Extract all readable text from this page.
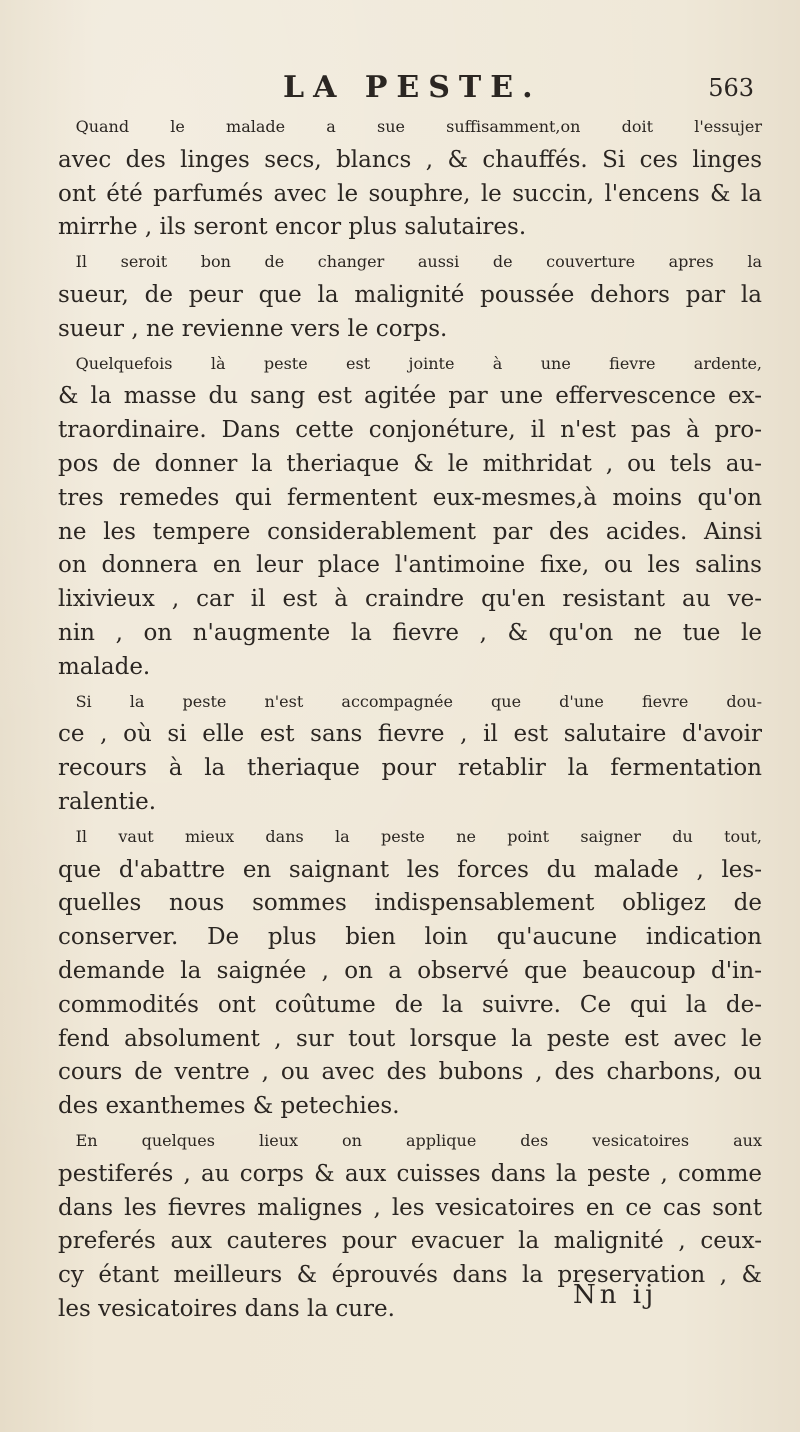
LA PESTE.	563

Quand le malade a sue suffisamment,on doit l'essujer
avec des linges secs, blancs , & chauffés. Si ces linges
ont été parfumés avec le souphre, le succin, l'encens & la
mirrhe , ils seront encor plus salutaires.

Il seroit bon de changer aussi de couverture apres la
sueur, de peur que la malignité poussée dehors par la
sueur , ne revienne vers le corps.

Quelquefois là peste est jointe à une fievre ardente,
& la masse du sang est agitée par une effervescence ex-
traordinaire. Dans cette conjonéture, il n'est pas à pro-
pos de donner la theriaque & le mithridat , ou tels au-
tres remedes qui fermentent eux-mesmes,à moins qu'on
ne les tempere considerablement par des acides. Ainsi
on donnera en leur place l'antimoine fixe, ou les salins
lixivieux , car il est à craindre qu'en resistant au ve-
nin , on n'augmente la fievre , & qu'on ne tue le
malade.

Si la peste n'est accompagnée que d'une fievre dou-
ce , où si elle est sans fievre , il est salutaire d'avoir
recours à la theriaque pour retablir la fermentation
ralentie.

Il vaut mieux dans la peste ne point saigner du tout,
que d'abattre en saignant les forces du malade , les-
quelles nous sommes indispensablement obligez de
conserver. De plus bien loin qu'aucune indication
demande la saignée , on a observé que beaucoup d'in-
commodités ont coûtume de la suivre. Ce qui la de-
fend absolument , sur tout lorsque la peste est avec le
cours de ventre , ou avec des bubons , des charbons, ou
des exanthemes & petechies.

En quelques lieux on applique des vesicatoires aux
pestiferés , au corps & aux cuisses dans la peste , comme
dans les fievres malignes , les vesicatoires en ce cas sont
preferés aux cauteres pour evacuer la malignité , ceux-
cy étant meilleurs & éprouvés dans la preservation , &
les vesicatoires dans la cure.	Nn ij
